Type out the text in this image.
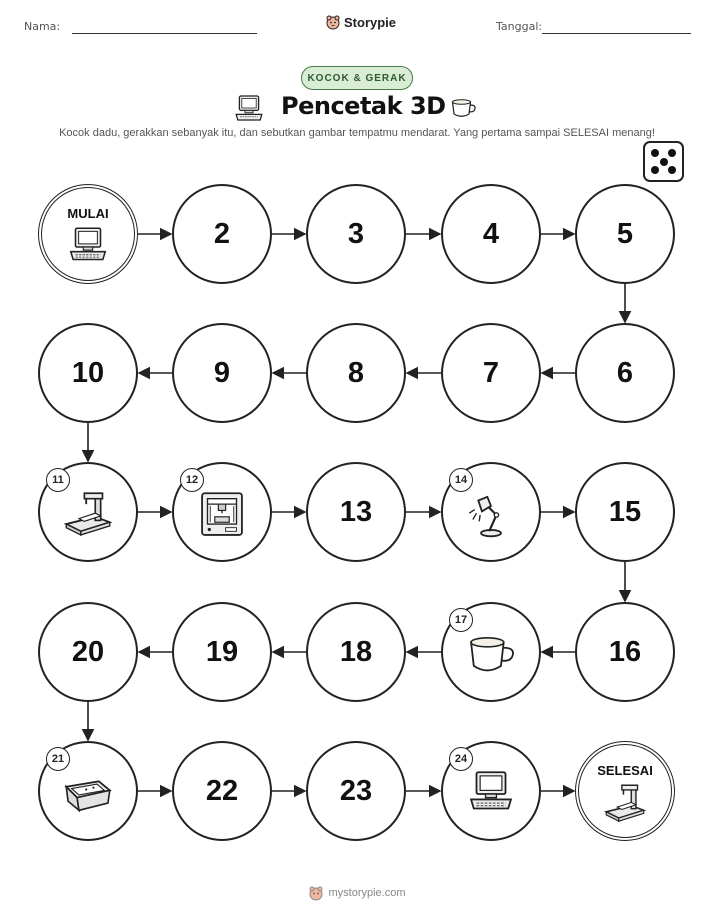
Nama:	Storypie	Tanggal:
KOCOK & GERAK
Pencetak 3D
Kocok dadu, gerakkan sebanyak itu, dan sebutkan gambar tempatmu mendarat. Yang pertama sampai SELESAI menang!
MULAI
2	3	4	5
6
7
8
9
10
11	12
13
14
15
16
17
18
19
20
21
22	23
24
SELESAI
mystorypie.com
